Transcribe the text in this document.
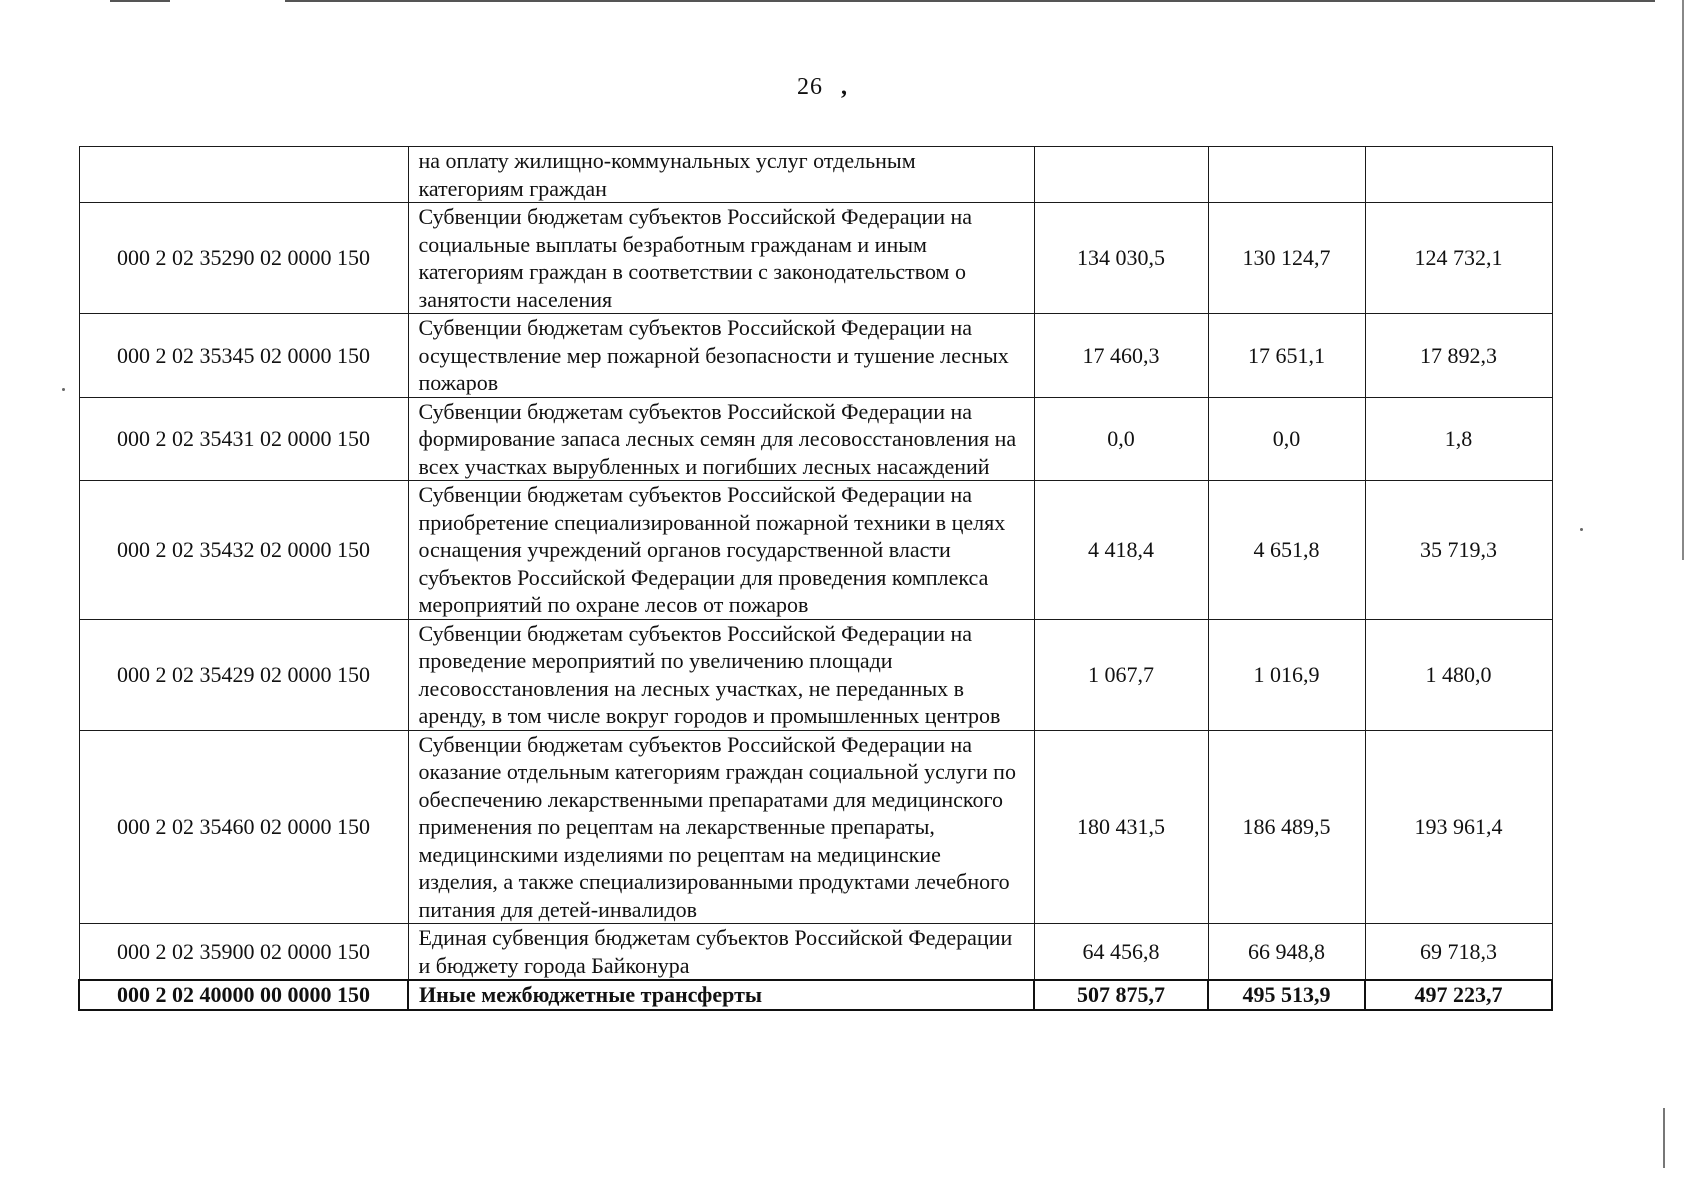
26 ,
	на оплату жилищно-коммунальных услуг отдельным категориям граждан			
000 2 02 35290 02 0000 150	Субвенции бюджетам субъектов Российской Федерации на социальные выплаты безработным гражданам и иным категориям граждан в соответствии с законодательством о занятости населения	134 030,5	130 124,7	124 732,1
000 2 02 35345 02 0000 150	Субвенции бюджетам субъектов Российской Федерации на осуществление мер пожарной безопасности и тушение лесных пожаров	17 460,3	17 651,1	17 892,3
000 2 02 35431 02 0000 150	Субвенции бюджетам субъектов Российской Федерации на формирование запаса лесных семян для лесовосстановления на всех участках вырубленных и погибших лесных насаждений	0,0	0,0	1,8
000 2 02 35432 02 0000 150	Субвенции бюджетам субъектов Российской Федерации на приобретение специализированной пожарной техники в целях оснащения учреждений органов государственной власти субъектов Российской Федерации для проведения комплекса мероприятий по охране лесов от пожаров	4 418,4	4 651,8	35 719,3
000 2 02 35429 02 0000 150	Субвенции бюджетам субъектов Российской Федерации на проведение мероприятий по увеличению площади лесовосстановления на лесных участках, не переданных в аренду, в том числе вокруг городов и промышленных центров	1 067,7	1 016,9	1 480,0
000 2 02 35460 02 0000 150	Субвенции бюджетам субъектов Российской Федерации на оказание отдельным категориям граждан социальной услуги по обеспечению лекарственными препаратами для медицинского применения по рецептам на лекарственные препараты, медицинскими изделиями по рецептам на медицинские изделия, а также специализированными продуктами лечебного питания для детей-инвалидов	180 431,5	186 489,5	193 961,4
000 2 02 35900 02 0000 150	Единая субвенция бюджетам субъектов Российской Федерации и бюджету города Байконура	64 456,8	66 948,8	69 718,3
000 2 02 40000 00 0000 150	Иные межбюджетные трансферты	507 875,7	495 513,9	497 223,7
